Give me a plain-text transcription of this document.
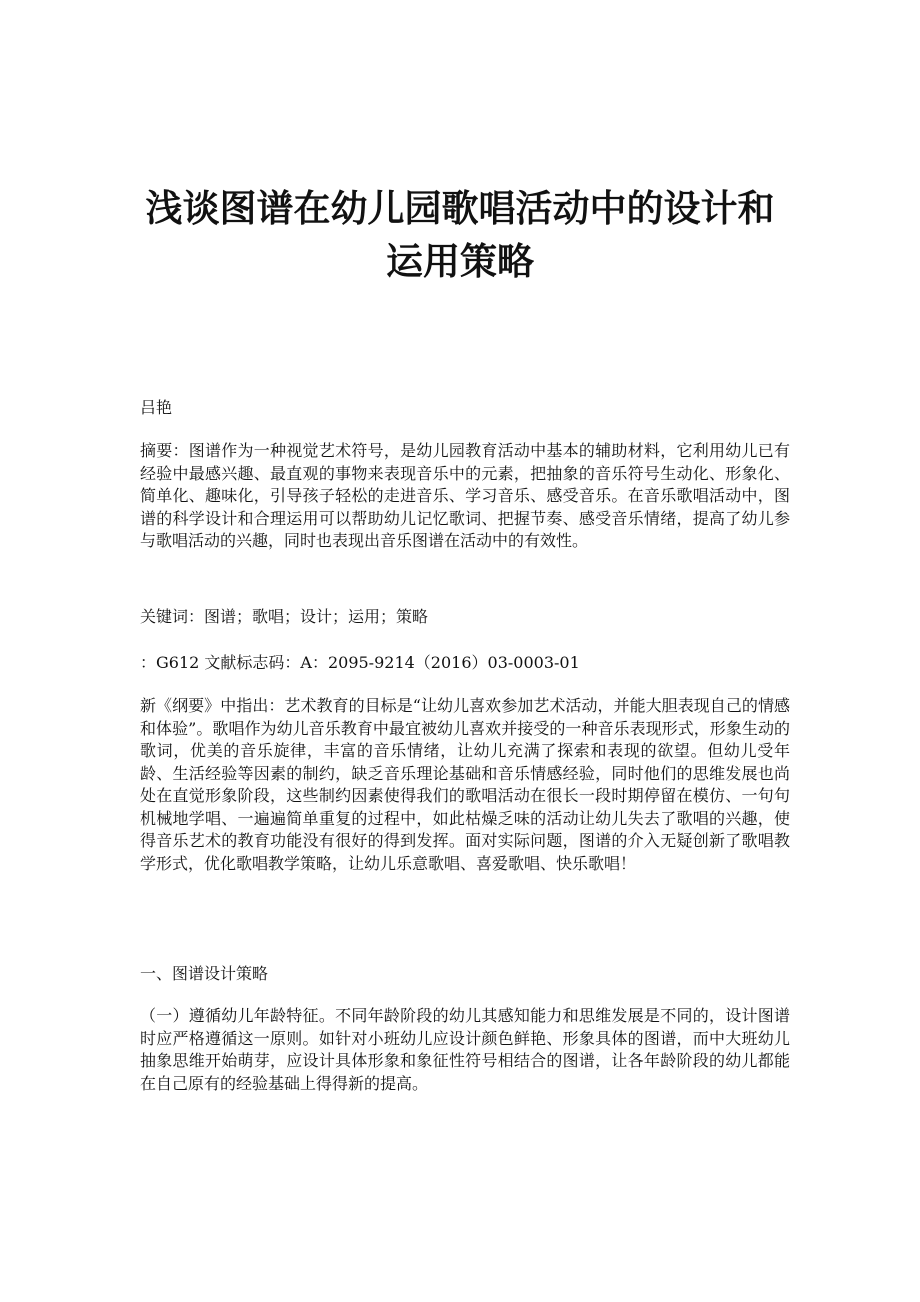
浅谈图谱在幼儿园歌唱活动中的设计和
运用策略
吕艳
摘要：图谱作为一种视觉艺术符号，是幼儿园教育活动中基本的辅助材料，它利用幼儿已有经验中最感兴趣、最直观的事物来表现音乐中的元素，把抽象的音乐符号生动化、形象化、简单化、趣味化，引导孩子轻松的走进音乐、学习音乐、感受音乐。在音乐歌唱活动中，图谱的科学设计和合理运用可以帮助幼儿记忆歌词、把握节奏、感受音乐情绪，提高了幼儿参与歌唱活动的兴趣，同时也表现出音乐图谱在活动中的有效性。
关键词：图谱；歌唱；设计；运用；策略
：G612 文献标志码：A：2095-9214（2016）03-0003-01
新《纲要》中指出：艺术教育的目标是“让幼儿喜欢参加艺术活动，并能大胆表现自己的情感和体验”。歌唱作为幼儿音乐教育中最宜被幼儿喜欢并接受的一种音乐表现形式，形象生动的歌词，优美的音乐旋律，丰富的音乐情绪，让幼儿充满了探索和表现的欲望。但幼儿受年龄、生活经验等因素的制约，缺乏音乐理论基础和音乐情感经验，同时他们的思维发展也尚处在直觉形象阶段，这些制约因素使得我们的歌唱活动在很长一段时期停留在模仿、一句句机械地学唱、一遍遍简单重复的过程中，如此枯燥乏味的活动让幼儿失去了歌唱的兴趣，使得音乐艺术的教育功能没有很好的得到发挥。面对实际问题，图谱的介入无疑创新了歌唱教学形式，优化歌唱教学策略，让幼儿乐意歌唱、喜爱歌唱、快乐歌唱！
一、图谱设计策略
（一）遵循幼儿年龄特征。不同年龄阶段的幼儿其感知能力和思维发展是不同的，设计图谱时应严格遵循这一原则。如针对小班幼儿应设计颜色鲜艳、形象具体的图谱，而中大班幼儿抽象思维开始萌芽，应设计具体形象和象征性符号相结合的图谱，让各年龄阶段的幼儿都能在自己原有的经验基础上得得新的提高。
